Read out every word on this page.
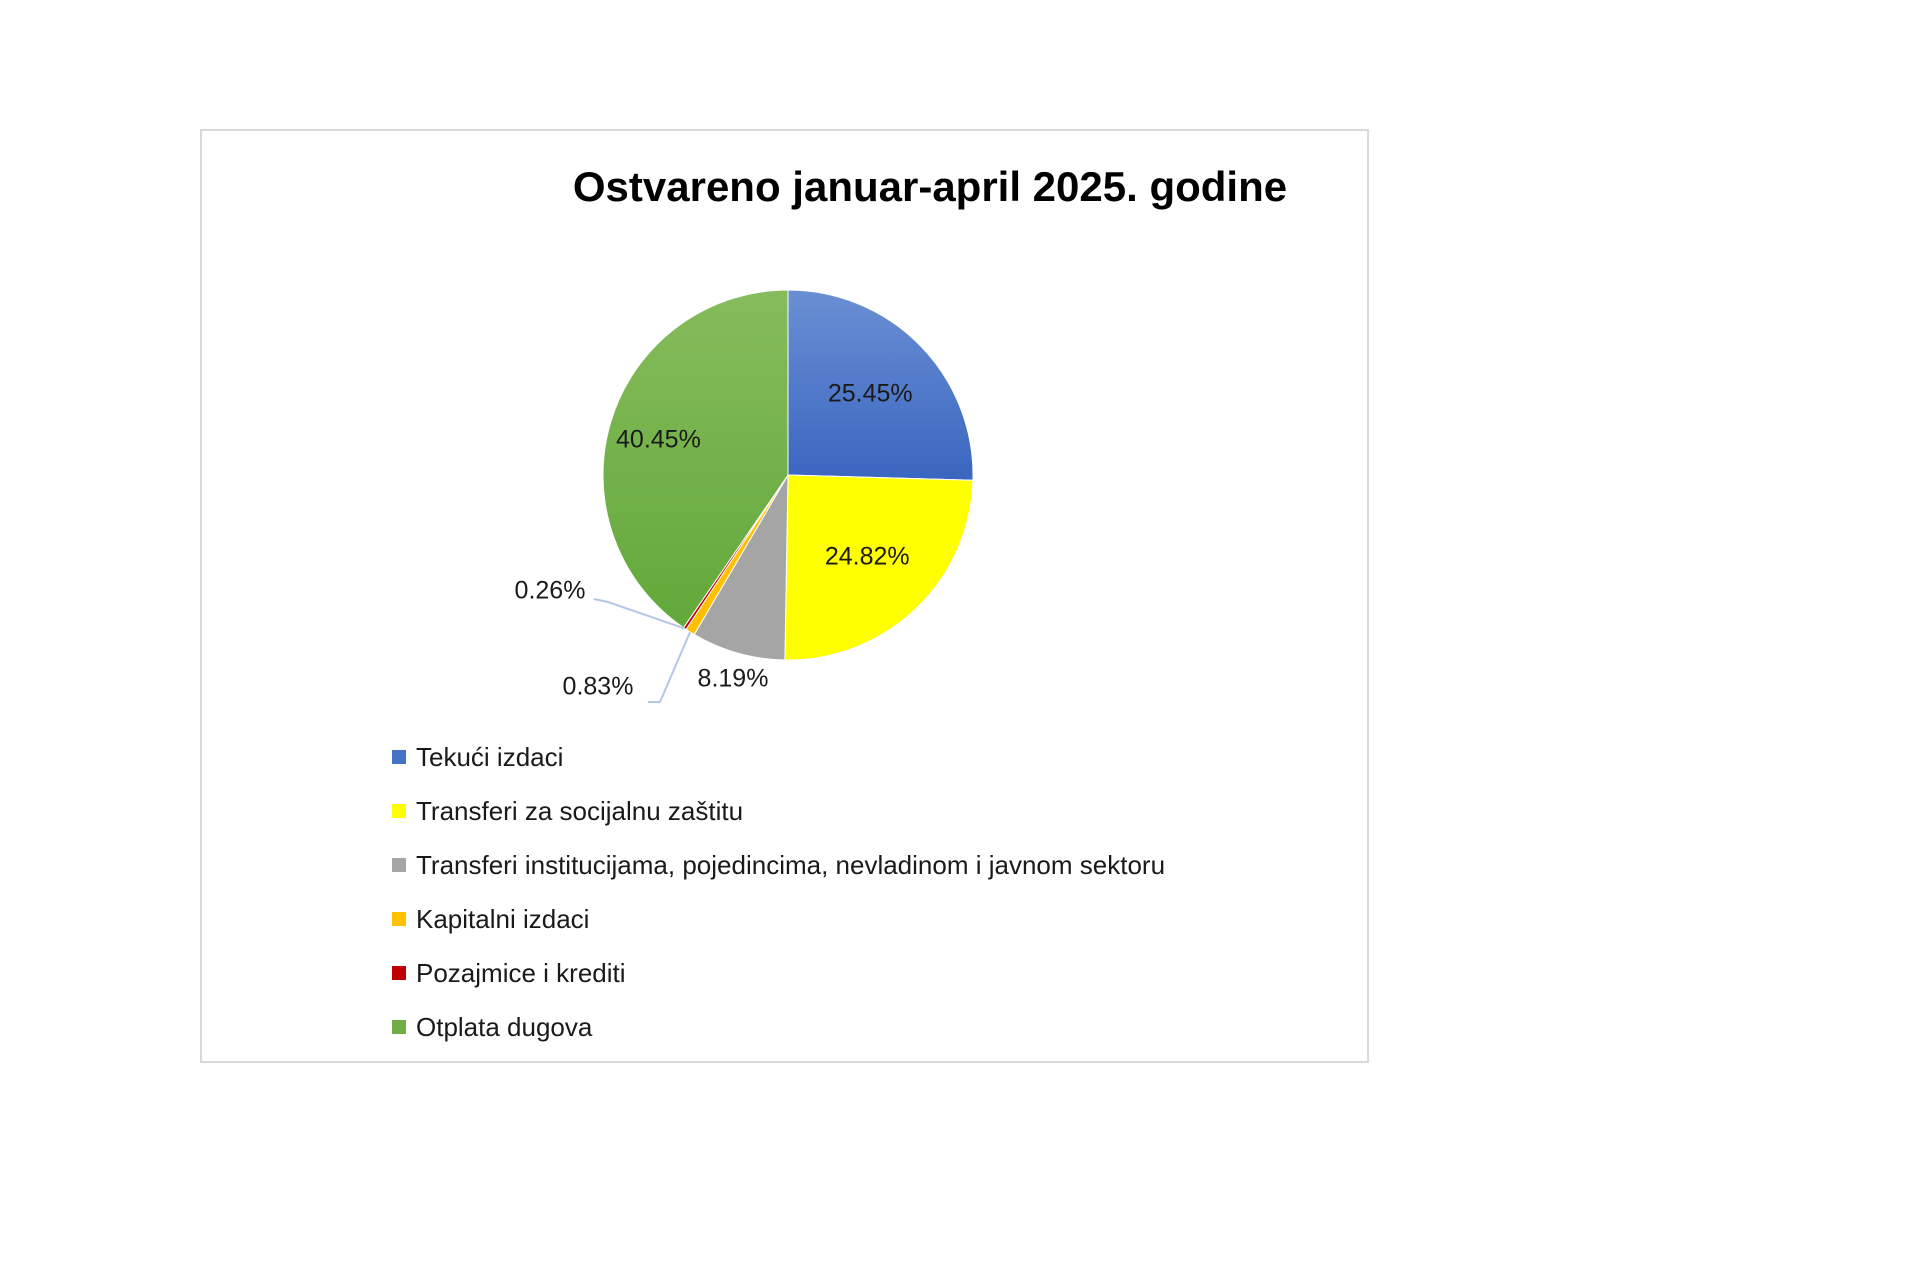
Ostvareno januar-april 2025. godine
25.45%
24.82%
8.19%
0.83%
0.26%
40.45%
Tekući izdaci
Transferi za socijalnu zaštitu
Transferi institucijama, pojedincima, nevladinom i javnom sektoru
Kapitalni izdaci
Pozajmice i krediti
Otplata dugova
